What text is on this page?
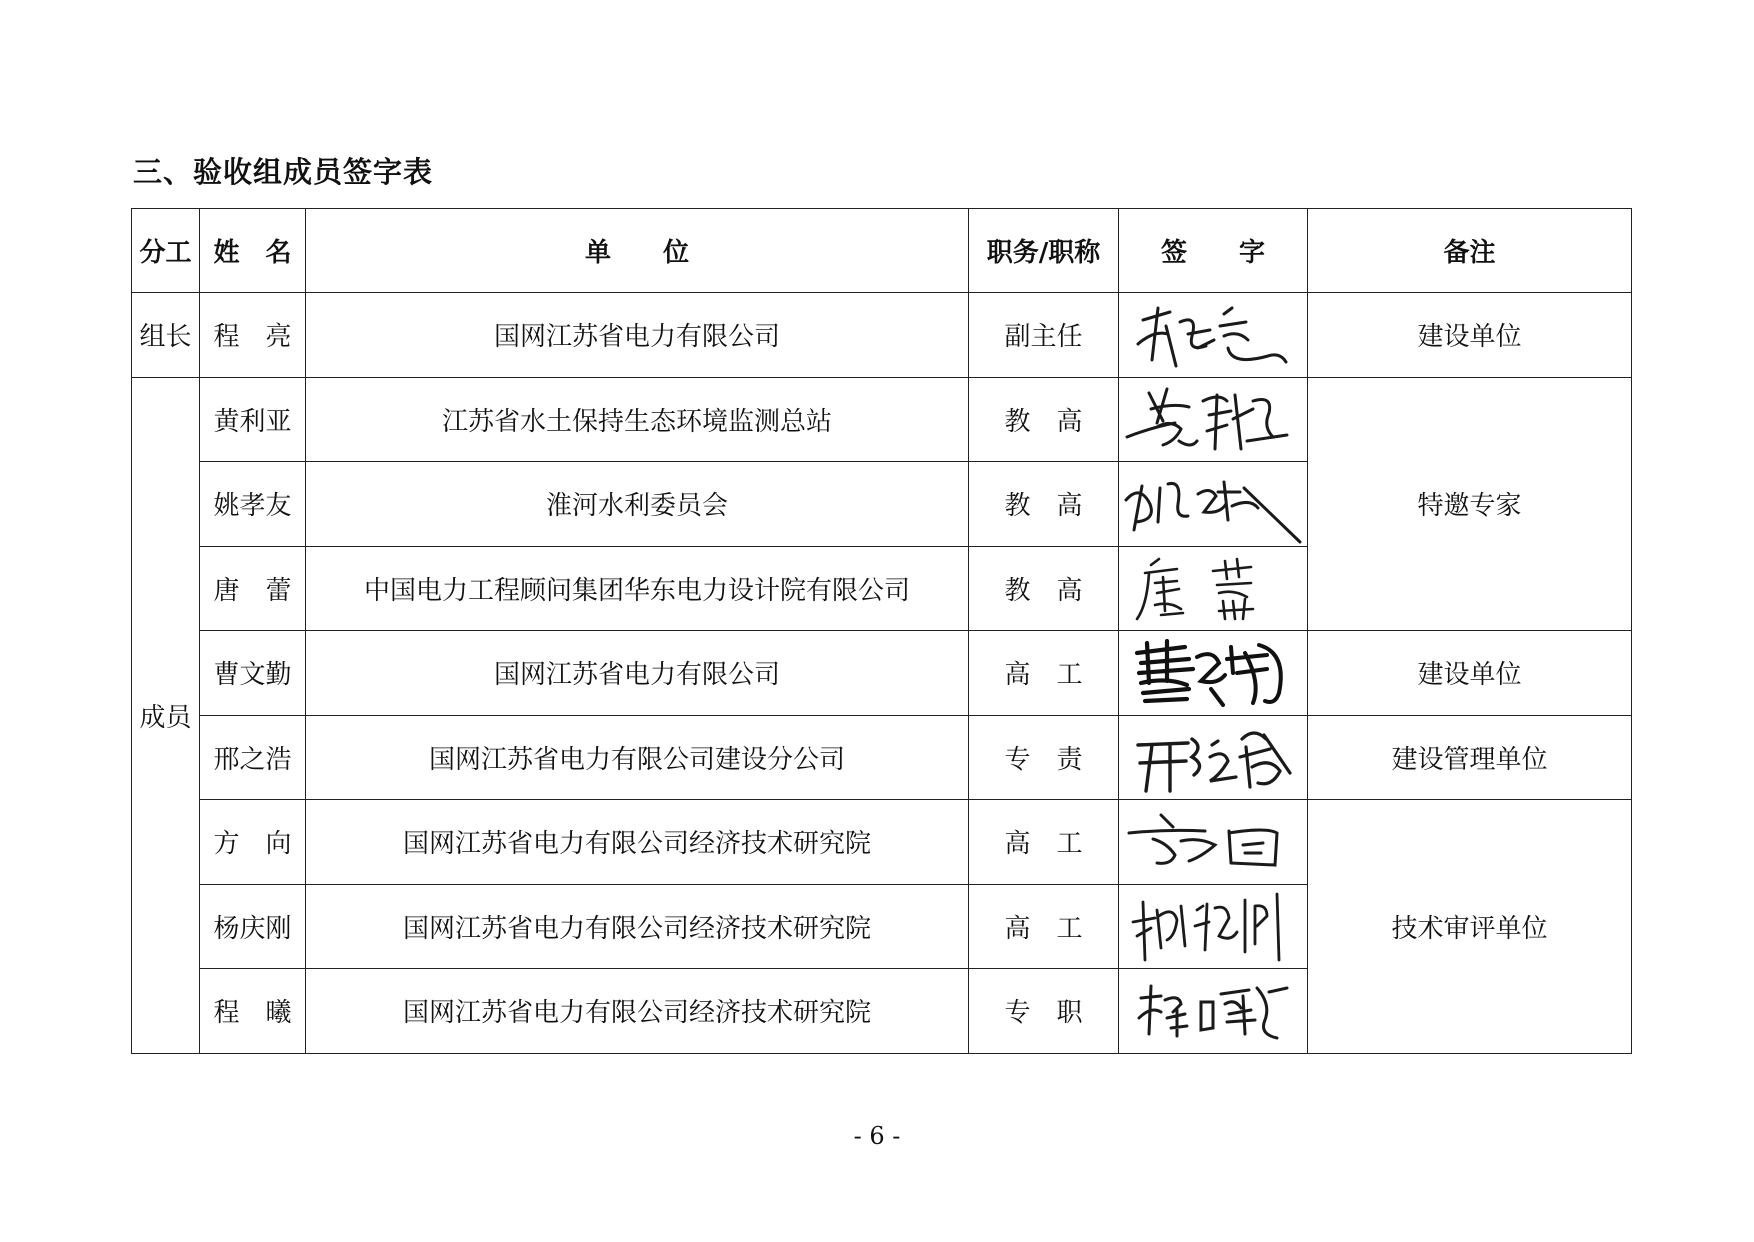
三、验收组成员签字表
分工	姓　名	单　　位	职务/职称	签　　字	备注
组长	程　亮	国网江苏省电力有限公司	副主任		建设单位
成员	黄利亚	江苏省水土保持生态环境监测总站	教　高		特邀专家
	姚孝友	淮河水利委员会	教　高	

	唐　蕾	中国电力工程顾问集团华东电力设计院有限公司	教　高	

	曹文勤	国网江苏省电力有限公司	高　工		建设单位
	邢之浩	国网江苏省电力有限公司建设分公司	专　责		建设管理单位
	方　向	国网江苏省电力有限公司经济技术研究院	高　工		技术审评单位
	杨庆刚	国网江苏省电力有限公司经济技术研究院	高　工	

	程　曦	国网江苏省电力有限公司经济技术研究院	专　职	
- 6 -
